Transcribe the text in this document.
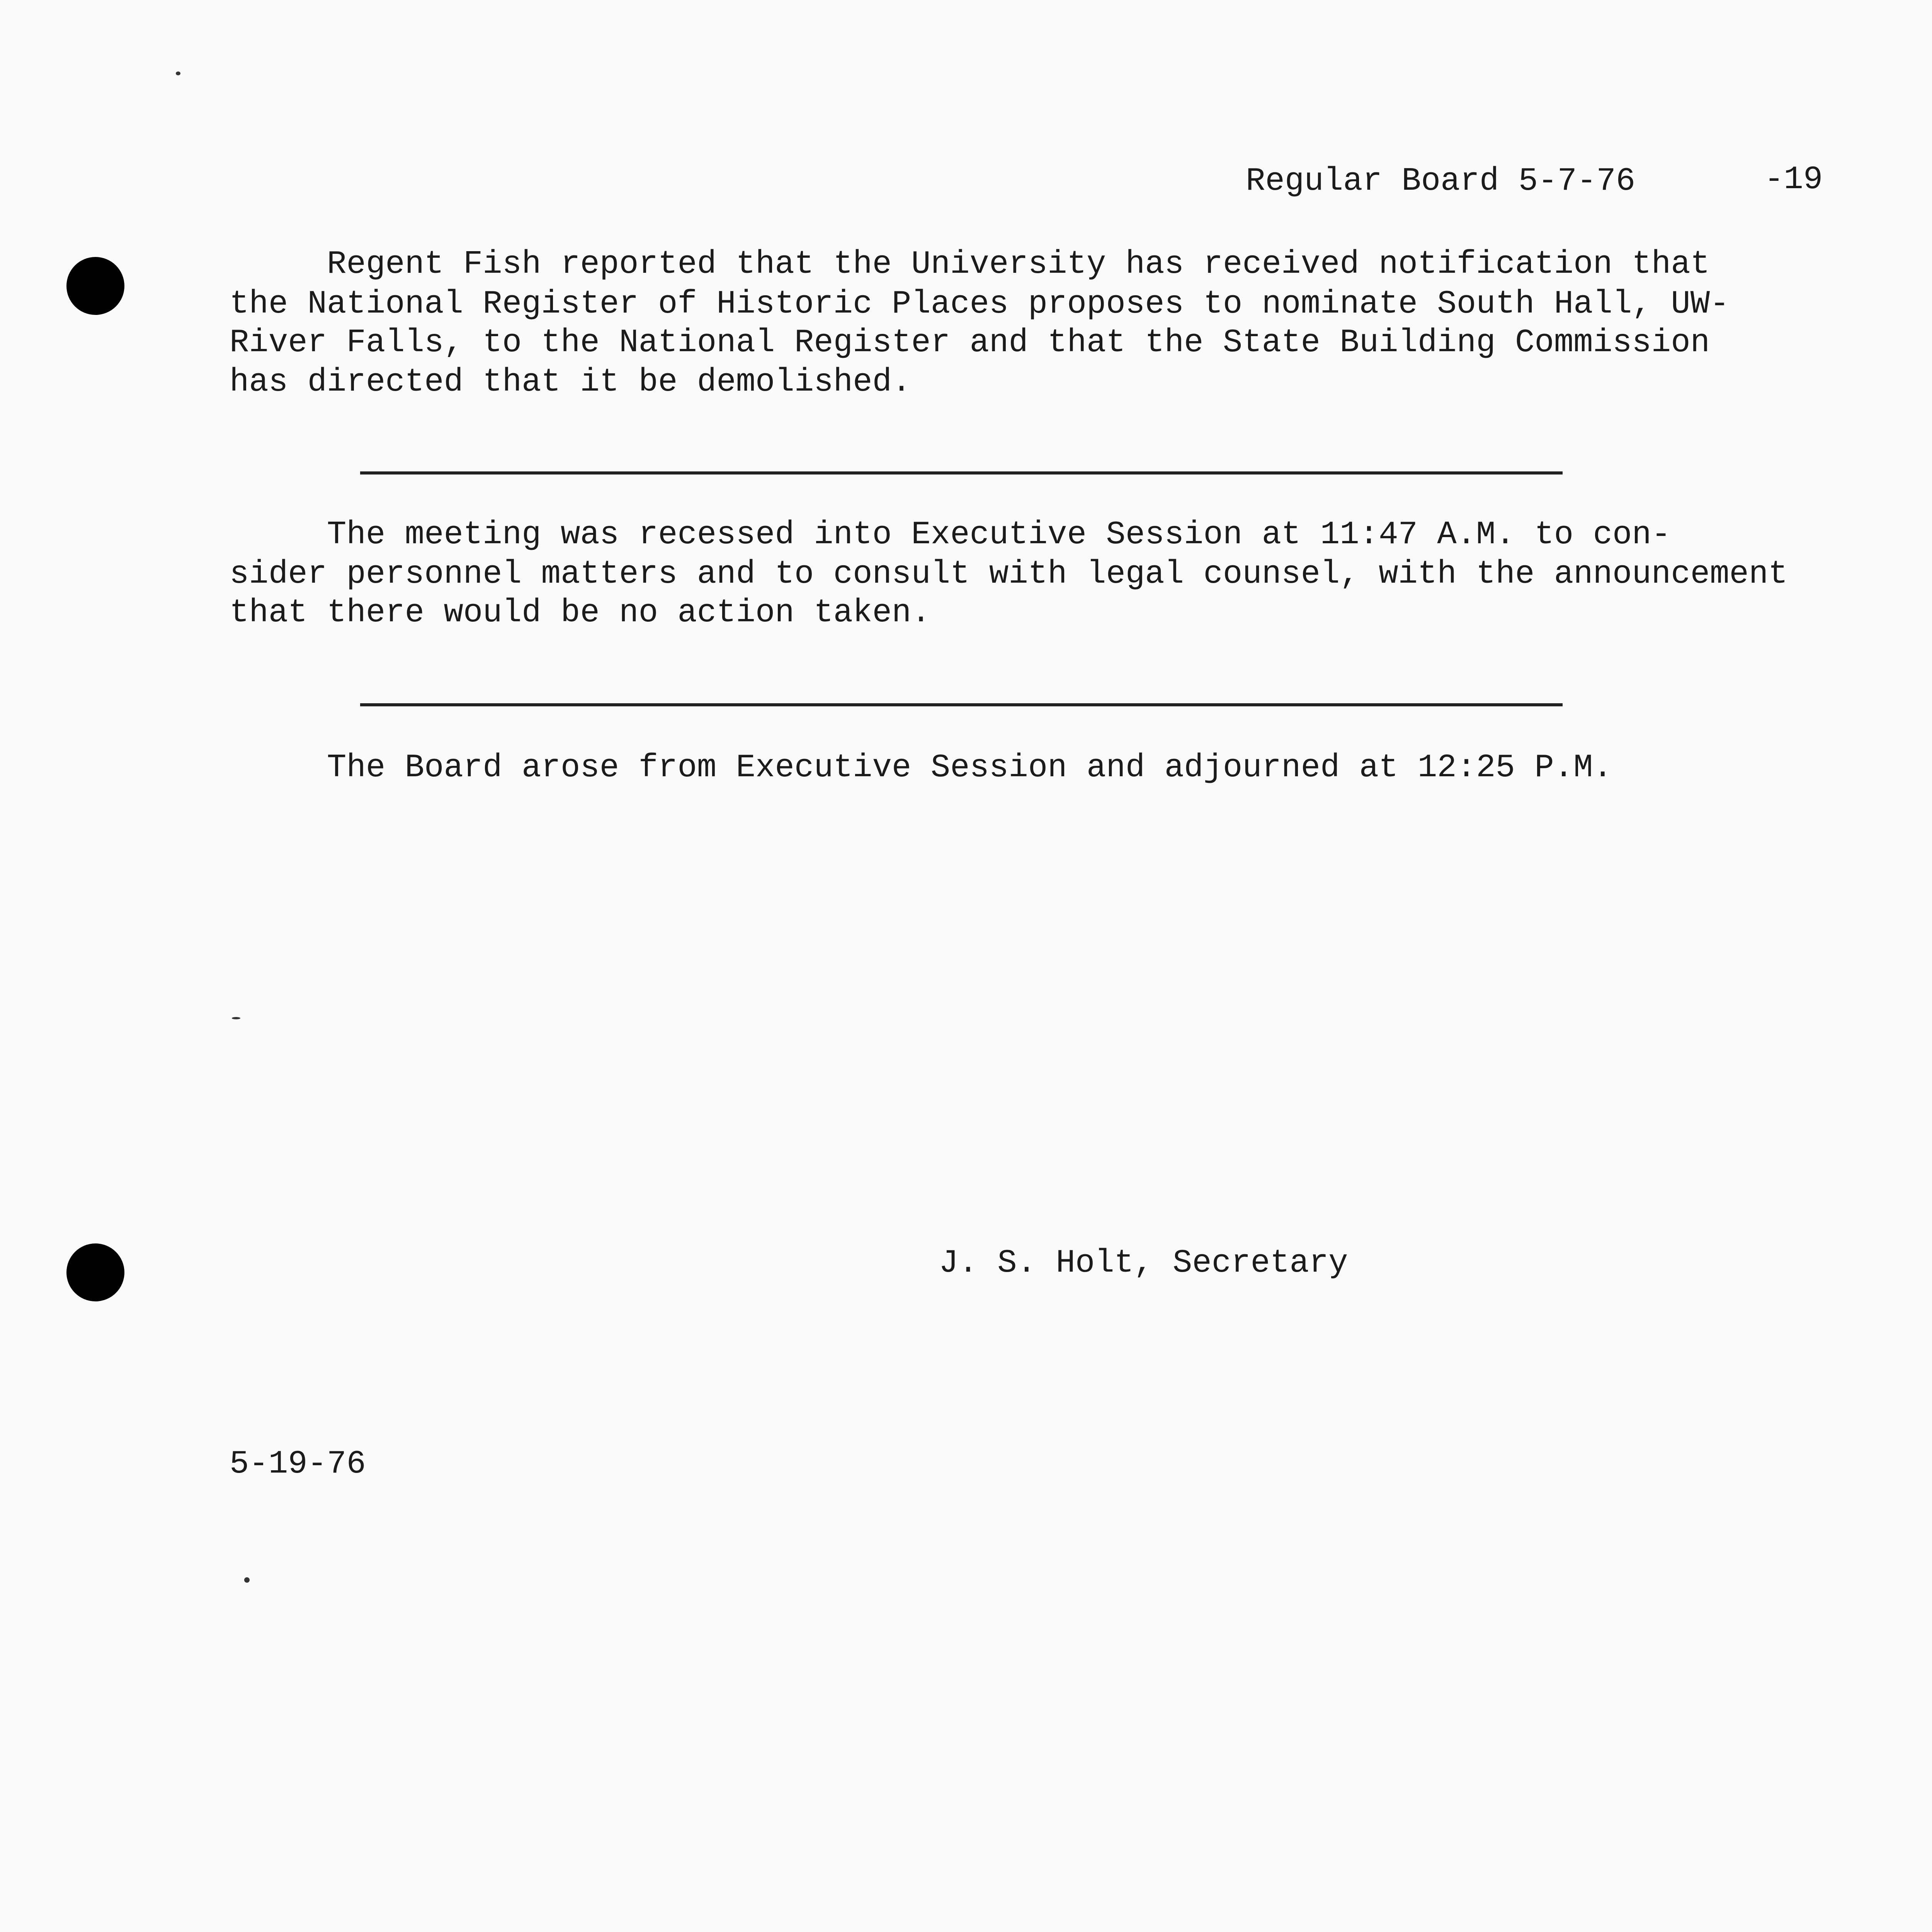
Regular Board 5-7-76	-19
Regent Fish reported that the University has received notification that
the National Register of Historic Places proposes to nominate South Hall, UW-
River Falls, to the National Register and that the State Building Commission
has directed that it be demolished.
The meeting was recessed into Executive Session at 11:47 A.M. to con-
sider personnel matters and to consult with legal counsel, with the announcement
that there would be no action taken.
The Board arose from Executive Session and adjourned at 12:25 P.M.
J. S. Holt, Secretary
5-19-76
